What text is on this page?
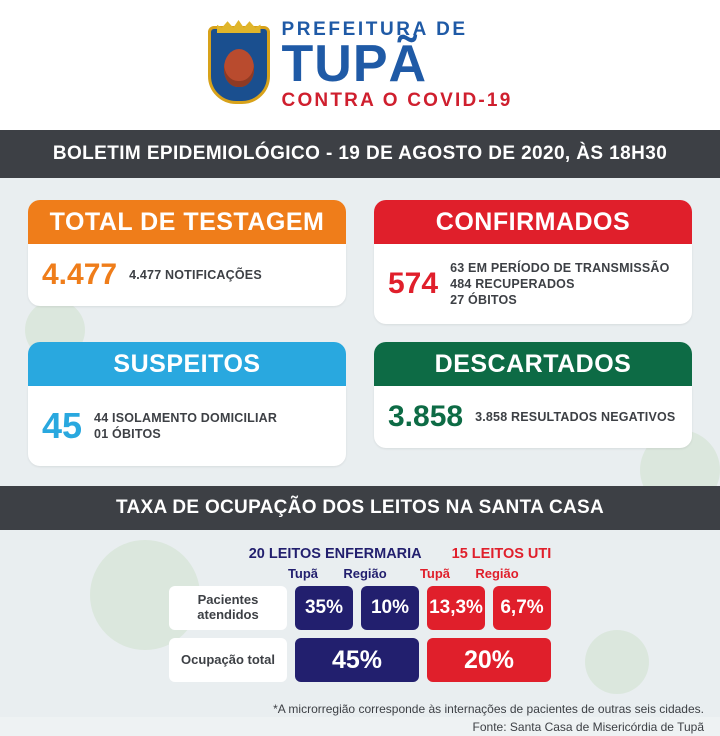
PREFEITURA DE
TUPÃ
CONTRA O COVID-19
BOLETIM EPIDEMIOLÓGICO - 19 DE AGOSTO DE 2020, ÀS 18H30
TOTAL DE TESTAGEM
4.477 4.477 NOTIFICAÇÕES
CONFIRMADOS
574 63 EM PERÍODO DE TRANSMISSÃO
484 RECUPERADOS
27 ÓBITOS
SUSPEITOS
45 44 ISOLAMENTO DOMICILIAR
01 ÓBITOS
DESCARTADOS
3.858 3.858 RESULTADOS NEGATIVOS
TAXA DE OCUPAÇÃO DOS LEITOS NA SANTA CASA
20 LEITOS ENFERMARIA 15 LEITOS UTI
Tupã	Região	Tupã	Região
Pacientes atendidos	35%	10%	13,3% 6,7%
Ocupação total	45%	20%
*A microrregião corresponde às internações de pacientes de outras seis cidades.
Fonte: Santa Casa de Misericórdia de Tupã
